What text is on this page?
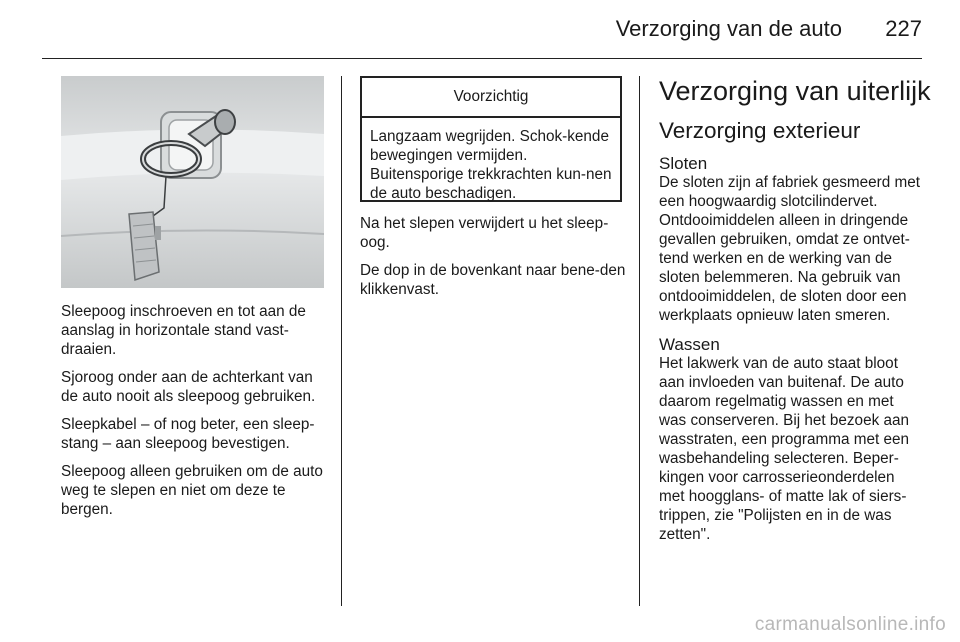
Verzorging van de auto 227

Sleepoog inschroeven en tot aan de aanslag in horizontale stand vast-draaien.

Sjoroog onder aan de achterkant van de auto nooit als sleepoog gebruiken.

Sleepkabel – of nog beter, een sleep-stang – aan sleepoog bevestigen.

Sleepoog alleen gebruiken om de auto weg te slepen en niet om deze te bergen.

Voorzichtig
Langzaam wegrijden. Schok-kende bewegingen vermijden. Buitensporige trekkrachten kun-nen de auto beschadigen.

Na het slepen verwijdert u het sleep-oog.

De dop in de bovenkant naar bene-den klikkenvast.

Verzorging van uiterlijk
Verzorging exterieur
Sloten
De sloten zijn af fabriek gesmeerd met een hoogwaardig slotcilindervet. Ontdooimiddelen alleen in dringende gevallen gebruiken, omdat ze ontvet-tend werken en de werking van de sloten belemmeren. Na gebruik van ontdooimiddelen, de sloten door een werkplaats opnieuw laten smeren.
Wassen
Het lakwerk van de auto staat bloot aan invloeden van buitenaf. De auto daarom regelmatig wassen en met was conserveren. Bij het bezoek aan wasstraten, een programma met een wasbehandeling selecteren. Beper-kingen voor carrosserieonderdelen met hoogglans- of matte lak of siers-trippen, zie "Polijsten en in de was zetten".
carmanualsonline.info
